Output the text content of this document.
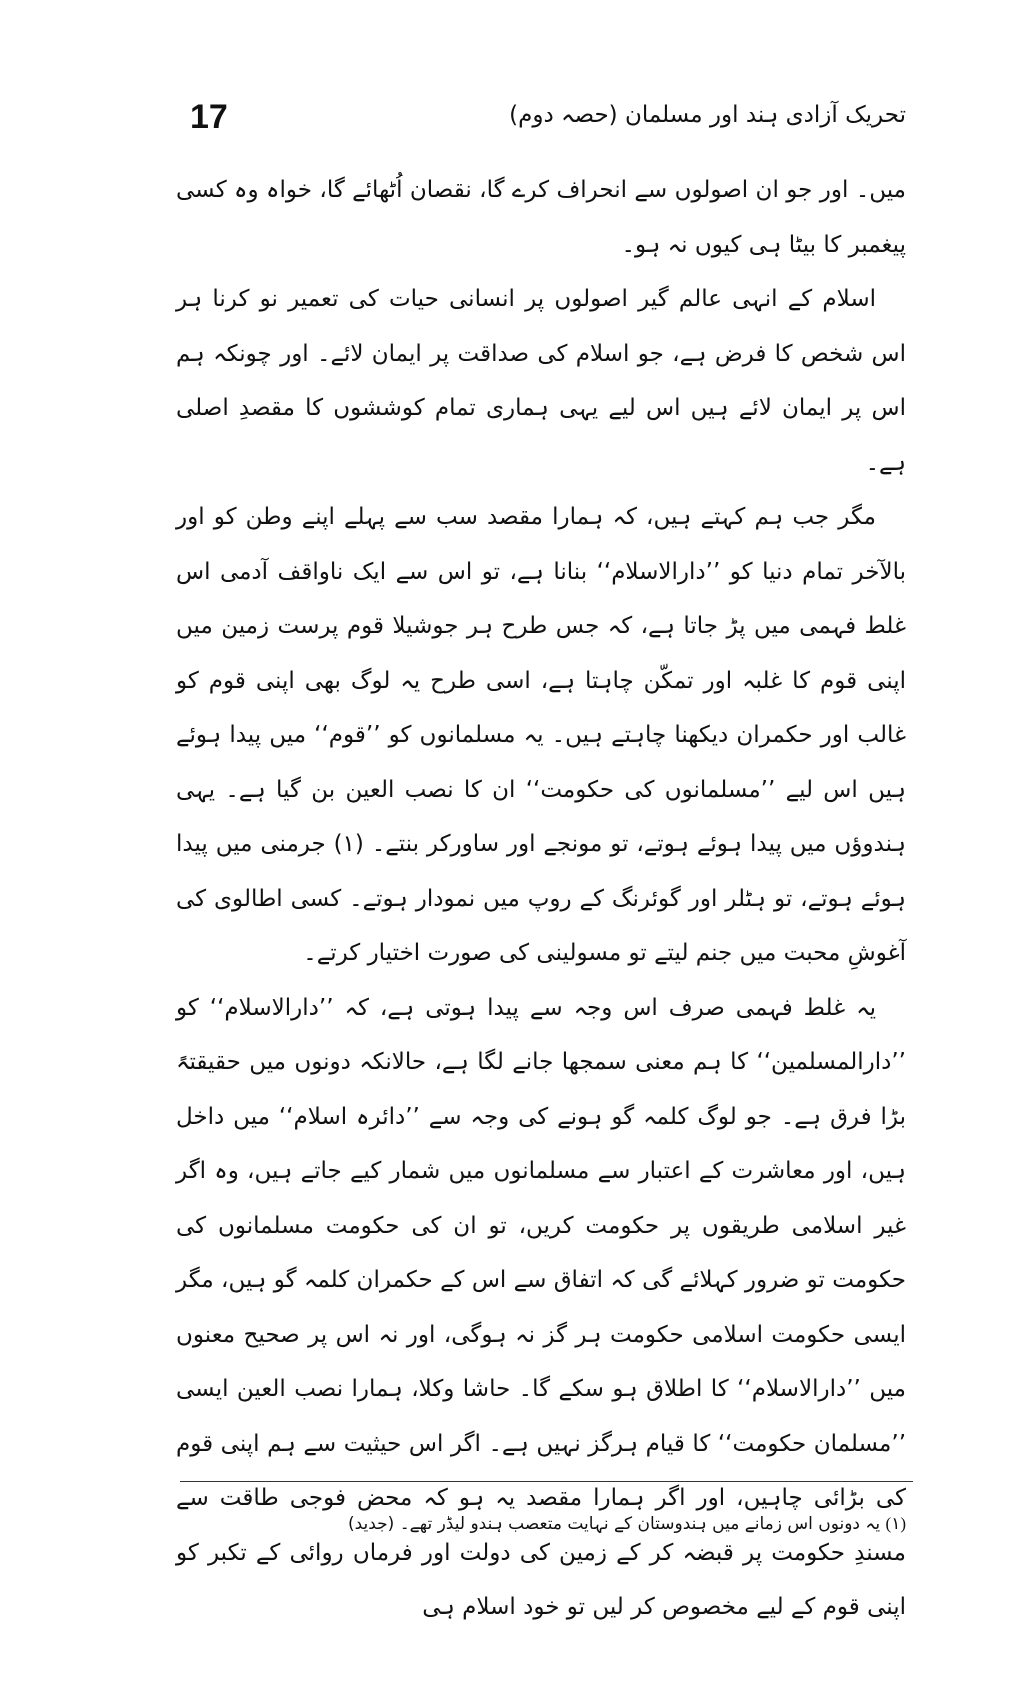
17	تحریک آزادی ہند اور مسلمان (حصہ دوم)

میں۔ اور جو ان اصولوں سے انحراف کرے گا، نقصان اُٹھائے گا، خواہ وہ کسی پیغمبر کا بیٹا ہی کیوں نہ ہو۔

اسلام کے انہی عالم گیر اصولوں پر انسانی حیات کی تعمیر نو کرنا ہر اس شخص کا فرض ہے، جو اسلام کی صداقت پر ایمان لائے۔ اور چونکہ ہم اس پر ایمان لائے ہیں اس لیے یہی ہماری تمام کوششوں کا مقصدِ اصلی ہے۔

مگر جب ہم کہتے ہیں، کہ ہمارا مقصد سب سے پہلے اپنے وطن کو اور بالآخر تمام دنیا کو ’’دارالاسلام‘‘ بنانا ہے، تو اس سے ایک ناواقف آدمی اس غلط فہمی میں پڑ جاتا ہے، کہ جس طرح ہر جوشیلا قوم پرست زمین میں اپنی قوم کا غلبہ اور تمکّن چاہتا ہے، اسی طرح یہ لوگ بھی اپنی قوم کو غالب اور حکمران دیکھنا چاہتے ہیں۔ یہ مسلمانوں کو ’’قوم‘‘ میں پیدا ہوئے ہیں اس لیے ’’مسلمانوں کی حکومت‘‘ ان کا نصب العین بن گیا ہے۔ یہی ہندوؤں میں پیدا ہوئے ہوتے، تو مونجے اور ساورکر بنتے۔ (۱) جرمنی میں پیدا ہوئے ہوتے، تو ہٹلر اور گوئرنگ کے روپ میں نمودار ہوتے۔ کسی اطالوی کی آغوشِ محبت میں جنم لیتے تو مسولینی کی صورت اختیار کرتے۔

یہ غلط فہمی صرف اس وجہ سے پیدا ہوتی ہے، کہ ’’دارالاسلام‘‘ کو ’’دارالمسلمین‘‘ کا ہم معنی سمجھا جانے لگا ہے، حالانکہ دونوں میں حقیقتہً بڑا فرق ہے۔ جو لوگ کلمہ گو ہونے کی وجہ سے ’’دائرہ اسلام‘‘ میں داخل ہیں، اور معاشرت کے اعتبار سے مسلمانوں میں شمار کیے جاتے ہیں، وہ اگر غیر اسلامی طریقوں پر حکومت کریں، تو ان کی حکومت مسلمانوں کی حکومت تو ضرور کہلائے گی کہ اتفاق سے اس کے حکمران کلمہ گو ہیں، مگر ایسی حکومت اسلامی حکومت ہر گز نہ ہوگی، اور نہ اس پر صحیح معنوں میں ’’دارالاسلام‘‘ کا اطلاق ہو سکے گا۔ حاشا وکلا، ہمارا نصب العین ایسی ’’مسلمان حکومت‘‘ کا قیام ہرگز نہیں ہے۔ اگر اس حیثیت سے ہم اپنی قوم کی بڑائی چاہیں، اور اگر ہمارا مقصد یہ ہو کہ محض فوجی طاقت سے مسندِ حکومت پر قبضہ کر کے زمین کی دولت اور فرماں روائی کے تکبر کو اپنی قوم کے لیے مخصوص کر لیں تو خود اسلام ہی

(۱) یہ دونوں اس زمانے میں ہندوستان کے نہایت متعصب ہندو لیڈر تھے۔ (جدید)
